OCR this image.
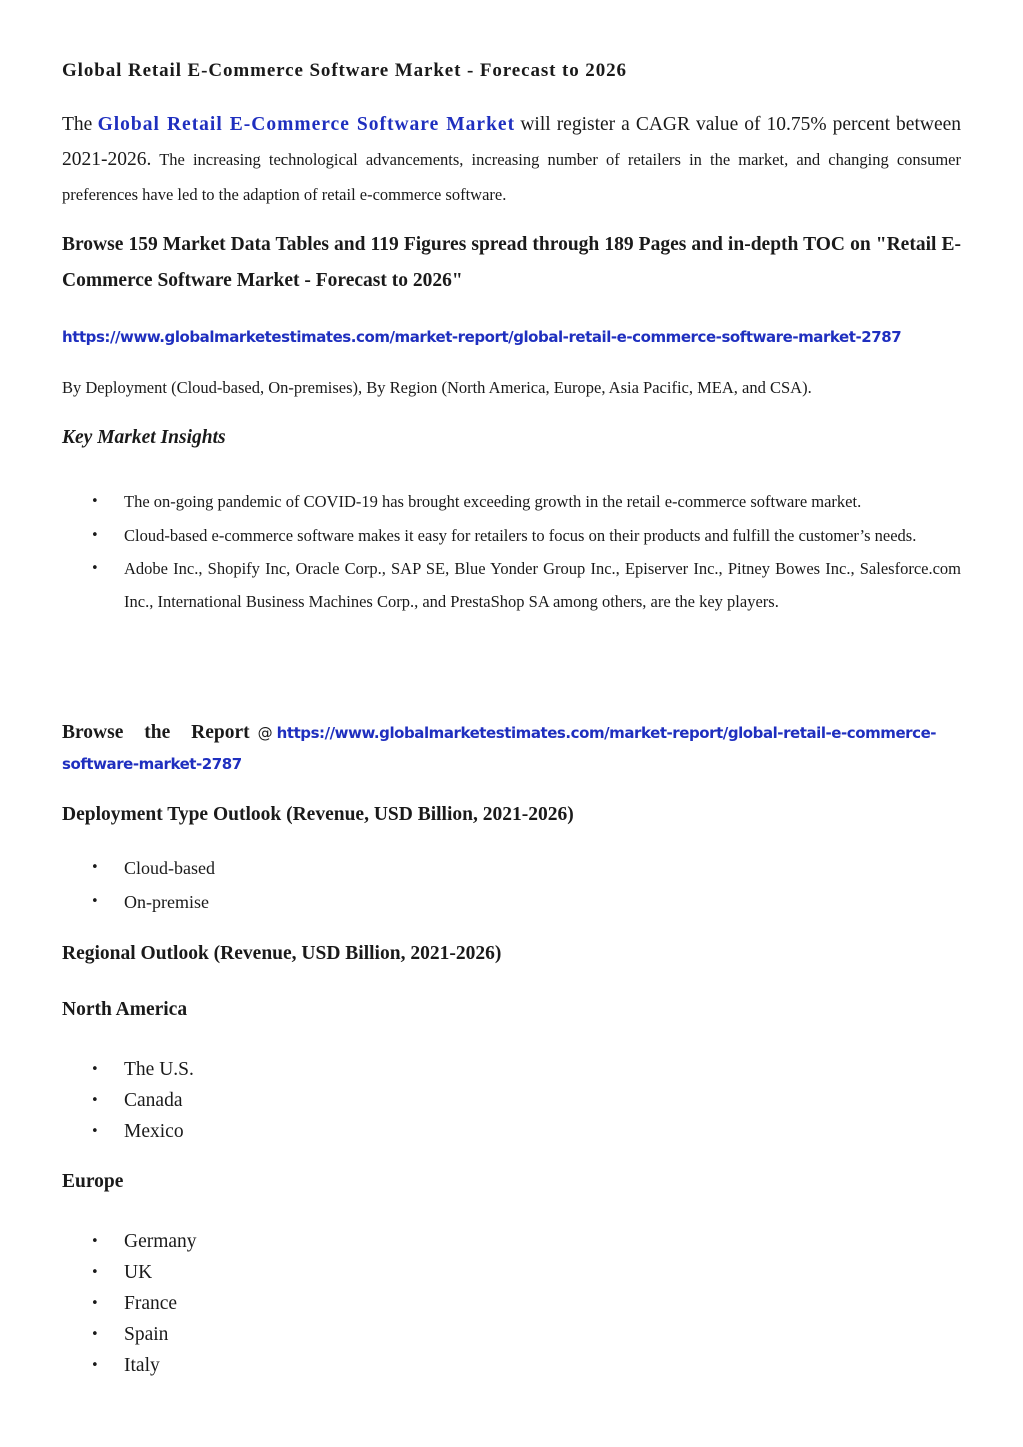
Global Retail E-Commerce Software Market - Forecast to 2026
The Global Retail E-Commerce Software Market will register a CAGR value of 10.75% percent between 2021-2026. The increasing technological advancements, increasing number of retailers in the market, and changing consumer preferences have led to the adaption of retail e-commerce software.
Browse 159 Market Data Tables and 119 Figures spread through 189 Pages and in-depth TOC on "Retail E-Commerce Software Market - Forecast to 2026"
https://www.globalmarketestimates.com/market-report/global-retail-e-commerce-software-market-2787
By Deployment (Cloud-based, On-premises), By Region (North America, Europe, Asia Pacific, MEA, and CSA).
Key Market Insights
• The on-going pandemic of COVID-19 has brought exceeding growth in the retail e-commerce software market.
• Cloud-based e-commerce software makes it easy for retailers to focus on their products and fulfill the customer’s needs.
• Adobe Inc., Shopify Inc, Oracle Corp., SAP SE, Blue Yonder Group Inc., Episerver Inc., Pitney Bowes Inc., Salesforce.com Inc., International Business Machines Corp., and PrestaShop SA among others, are the key players.
Browse the Report @ https://www.globalmarketestimates.com/market-report/global-retail-e-commerce-software-market-2787
Deployment Type Outlook (Revenue, USD Billion, 2021-2026)
• Cloud-based
• On-premise
Regional Outlook (Revenue, USD Billion, 2021-2026)
North America
• The U.S.
• Canada
• Mexico
Europe
• Germany
• UK
• France
• Spain
• Italy
